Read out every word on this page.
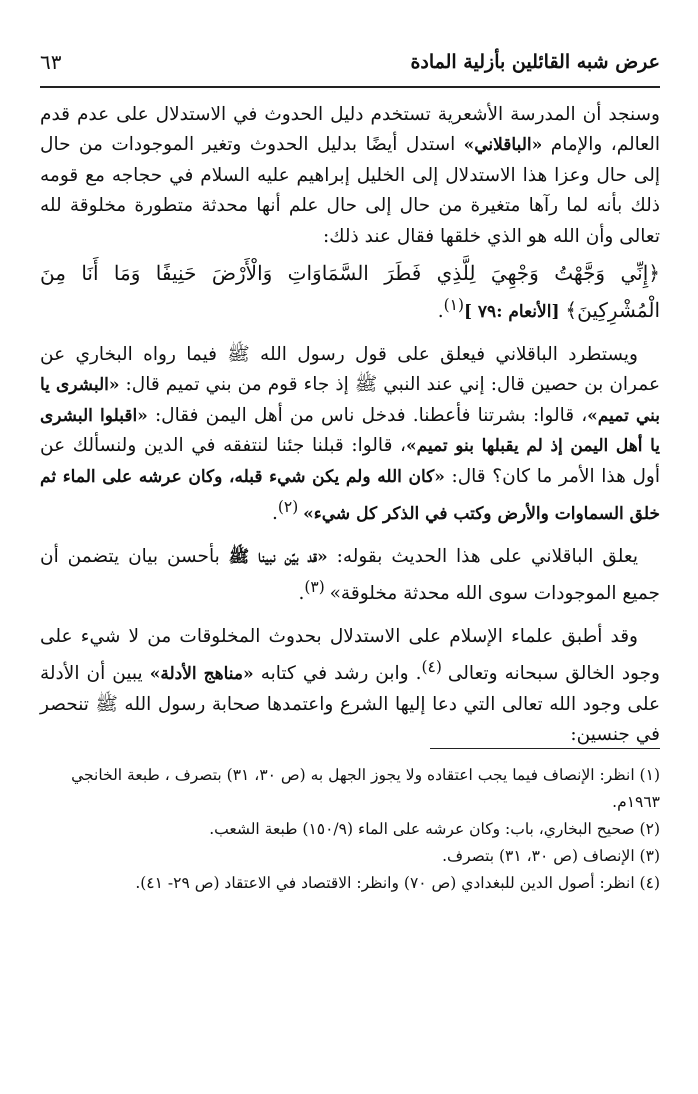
٦٣	عرض شبه القائلين بأزلية المادة

وسنجد أن المدرسة الأشعرية تستخدم دليل الحدوث في الاستدلال على عدم قدم العالم، والإمام «الباقلاني» استدل أيضًا بدليل الحدوث وتغير الموجودات من حال إلى حال وعزا هذا الاستدلال إلى الخليل إبراهيم عليه السلام في حجاجه مع قومه ذلك بأنه لما رآها متغيرة من حال إلى حال علم أنها محدثة متطورة مخلوقة لله تعالى وأن الله هو الذي خلقها فقال عند ذلك:

﴿إِنِّي وَجَّهْتُ وَجْهِيَ لِلَّذِي فَطَرَ السَّمَاوَاتِ وَالْأَرْضَ حَنِيفًا وَمَا أَنَا مِنَ الْمُشْرِكِينَ﴾ [الأنعام :٧٩ ]$^{(١)}$.

ويستطرد الباقلاني فيعلق على قول رسول الله ﷺ فيما رواه البخاري عن عمران بن حصين قال: إني عند النبي ﷺ إذ جاء قوم من بني تميم قال: «البشرى يا بني تميم»، قالوا: بشرتنا فأعطنا. فدخل ناس من أهل اليمن فقال: «اقبلوا البشرى يا أهل اليمن إذ لم يقبلها بنو تميم»، قالوا: قبلنا جئنا لنتفقه في الدين ولنسألك عن أول هذا الأمر ما كان؟ قال: «كان الله ولم يكن شيء قبله، وكان عرشه على الماء ثم خلق السماوات والأرض وكتب في الذكر كل شيء» $^{(٢)}$.

يعلق الباقلاني على هذا الحديث بقوله: «قد بيّن نبينا ﷺ بأحسن بيان يتضمن أن جميع الموجودات سوى الله محدثة مخلوقة» $^{(٣)}$.

وقد أطبق علماء الإسلام على الاستدلال بحدوث المخلوقات من لا شيء على وجود الخالق سبحانه وتعالى $^{(٤)}$. وابن رشد في كتابه «مناهج الأدلة» يبين أن الأدلة على وجود الله تعالى التي دعا إليها الشرع واعتمدها صحابة رسول الله ﷺ تنحصر في جنسين:

(١) انظر: الإنصاف فيما يجب اعتقاده ولا يجوز الجهل به (ص ٣٠، ٣١) بتصرف ، طبعة الخانجي ١٩٦٣م.

(٢) صحيح البخاري، باب: وكان عرشه على الماء (١٥٠/٩) طبعة الشعب.

(٣) الإنصاف (ص ٣٠، ٣١) بتصرف.

(٤) انظر: أصول الدين للبغدادي (ص ٧٠) وانظر: الاقتصاد في الاعتقاد (ص ٢٩- ٤١).
